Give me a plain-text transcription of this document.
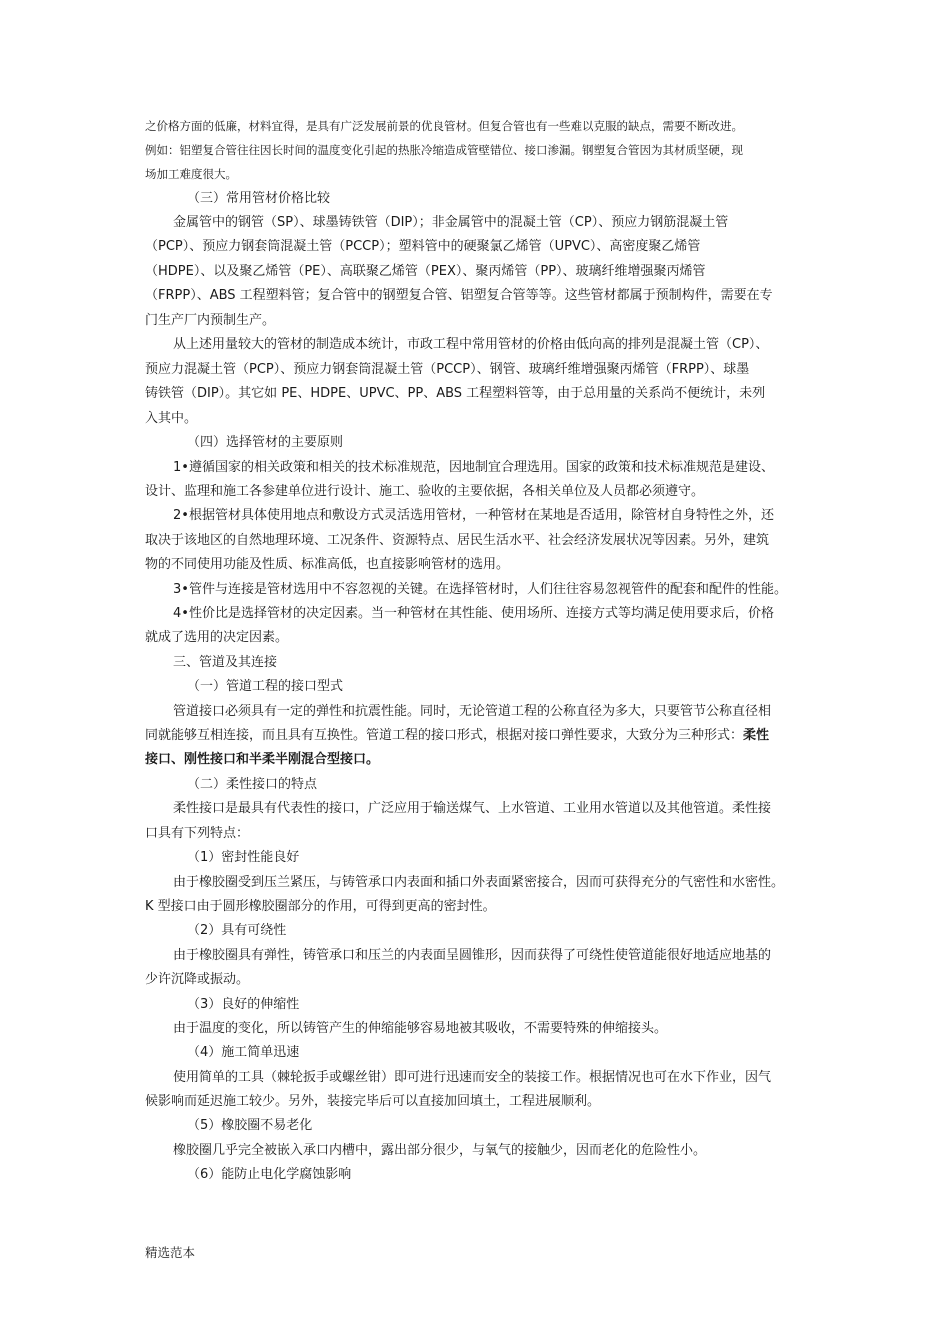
之价格方面的低廉，材料宜得，是具有广泛发展前景的优良管材。但复合管也有一些难以克服的缺点，需要不断改进。
例如：铝塑复合管往往因长时间的温度变化引起的热胀冷缩造成管壁错位、接口渗漏。钢塑复合管因为其材质坚硬，现
场加工难度很大。
（三）常用管材价格比较
金属管中的钢管（SP）、球墨铸铁管（DIP）；非金属管中的混凝土管（CP）、预应力钢筋混凝土管
（PCP）、预应力钢套筒混凝土管（PCCP）；塑料管中的硬聚氯乙烯管（UPVC）、高密度聚乙烯管
（HDPE）、以及聚乙烯管（PE）、高联聚乙烯管（PEX）、聚丙烯管（PP）、玻璃纤维增强聚丙烯管
（FRPP）、ABS 工程塑料管；复合管中的钢塑复合管、铝塑复合管等等。这些管材都属于预制构件，需要在专
门生产厂内预制生产。
从上述用量较大的管材的制造成本统计，市政工程中常用管材的价格由低向高的排列是混凝土管（CP）、
预应力混凝土管（PCP）、预应力钢套筒混凝土管（PCCP）、钢管、玻璃纤维增强聚丙烯管（FRPP）、球墨
铸铁管（DIP）。其它如 PE、HDPE、UPVC、PP、ABS 工程塑料管等，由于总用量的关系尚不便统计，未列
入其中。
（四）选择管材的主要原则
1•遵循国家的相关政策和相关的技术标准规范，因地制宜合理选用。国家的政策和技术标准规范是建设、
设计、监理和施工各参建单位进行设计、施工、验收的主要依据，各相关单位及人员都必须遵守。
2•根据管材具体使用地点和敷设方式灵活选用管材，一种管材在某地是否适用，除管材自身特性之外，还
取决于该地区的自然地理环境、工况条件、资源特点、居民生活水平、社会经济发展状况等因素。另外，建筑
物的不同使用功能及性质、标准高低，也直接影响管材的选用。
3•管件与连接是管材选用中不容忽视的关键。在选择管材时，人们往往容易忽视管件的配套和配件的性能。
4•性价比是选择管材的决定因素。当一种管材在其性能、使用场所、连接方式等均满足使用要求后，价格
就成了选用的决定因素。
三、管道及其连接
（一）管道工程的接口型式
管道接口必须具有一定的弹性和抗震性能。同时，无论管道工程的公称直径为多大，只要管节公称直径相
同就能够互相连接，而且具有互换性。管道工程的接口形式，根据对接口弹性要求，大致分为三种形式：柔性
接口、刚性接口和半柔半刚混合型接口。
（二）柔性接口的特点
柔性接口是最具有代表性的接口，广泛应用于输送煤气、上水管道、工业用水管道以及其他管道。柔性接
口具有下列特点：
（1）密封性能良好
由于橡胶圈受到压兰紧压，与铸管承口内表面和插口外表面紧密接合，因而可获得充分的气密性和水密性。
K 型接口由于圆形橡胶圈部分的作用，可得到更高的密封性。
（2）具有可绕性
由于橡胶圈具有弹性，铸管承口和压兰的内表面呈圆锥形，因而获得了可绕性使管道能很好地适应地基的
少许沉降或振动。
（3）良好的伸缩性
由于温度的变化，所以铸管产生的伸缩能够容易地被其吸收，不需要特殊的伸缩接头。
（4）施工简单迅速
使用简单的工具（棘轮扳手或螺丝钳）即可进行迅速而安全的装接工作。根据情况也可在水下作业，因气
候影响而延迟施工较少。另外，装接完毕后可以直接加回填土，工程进展顺利。
（5）橡胶圈不易老化
橡胶圈几乎完全被嵌入承口内槽中，露出部分很少，与氧气的接触少，因而老化的危险性小。
（6）能防止电化学腐蚀影响
精选范本
